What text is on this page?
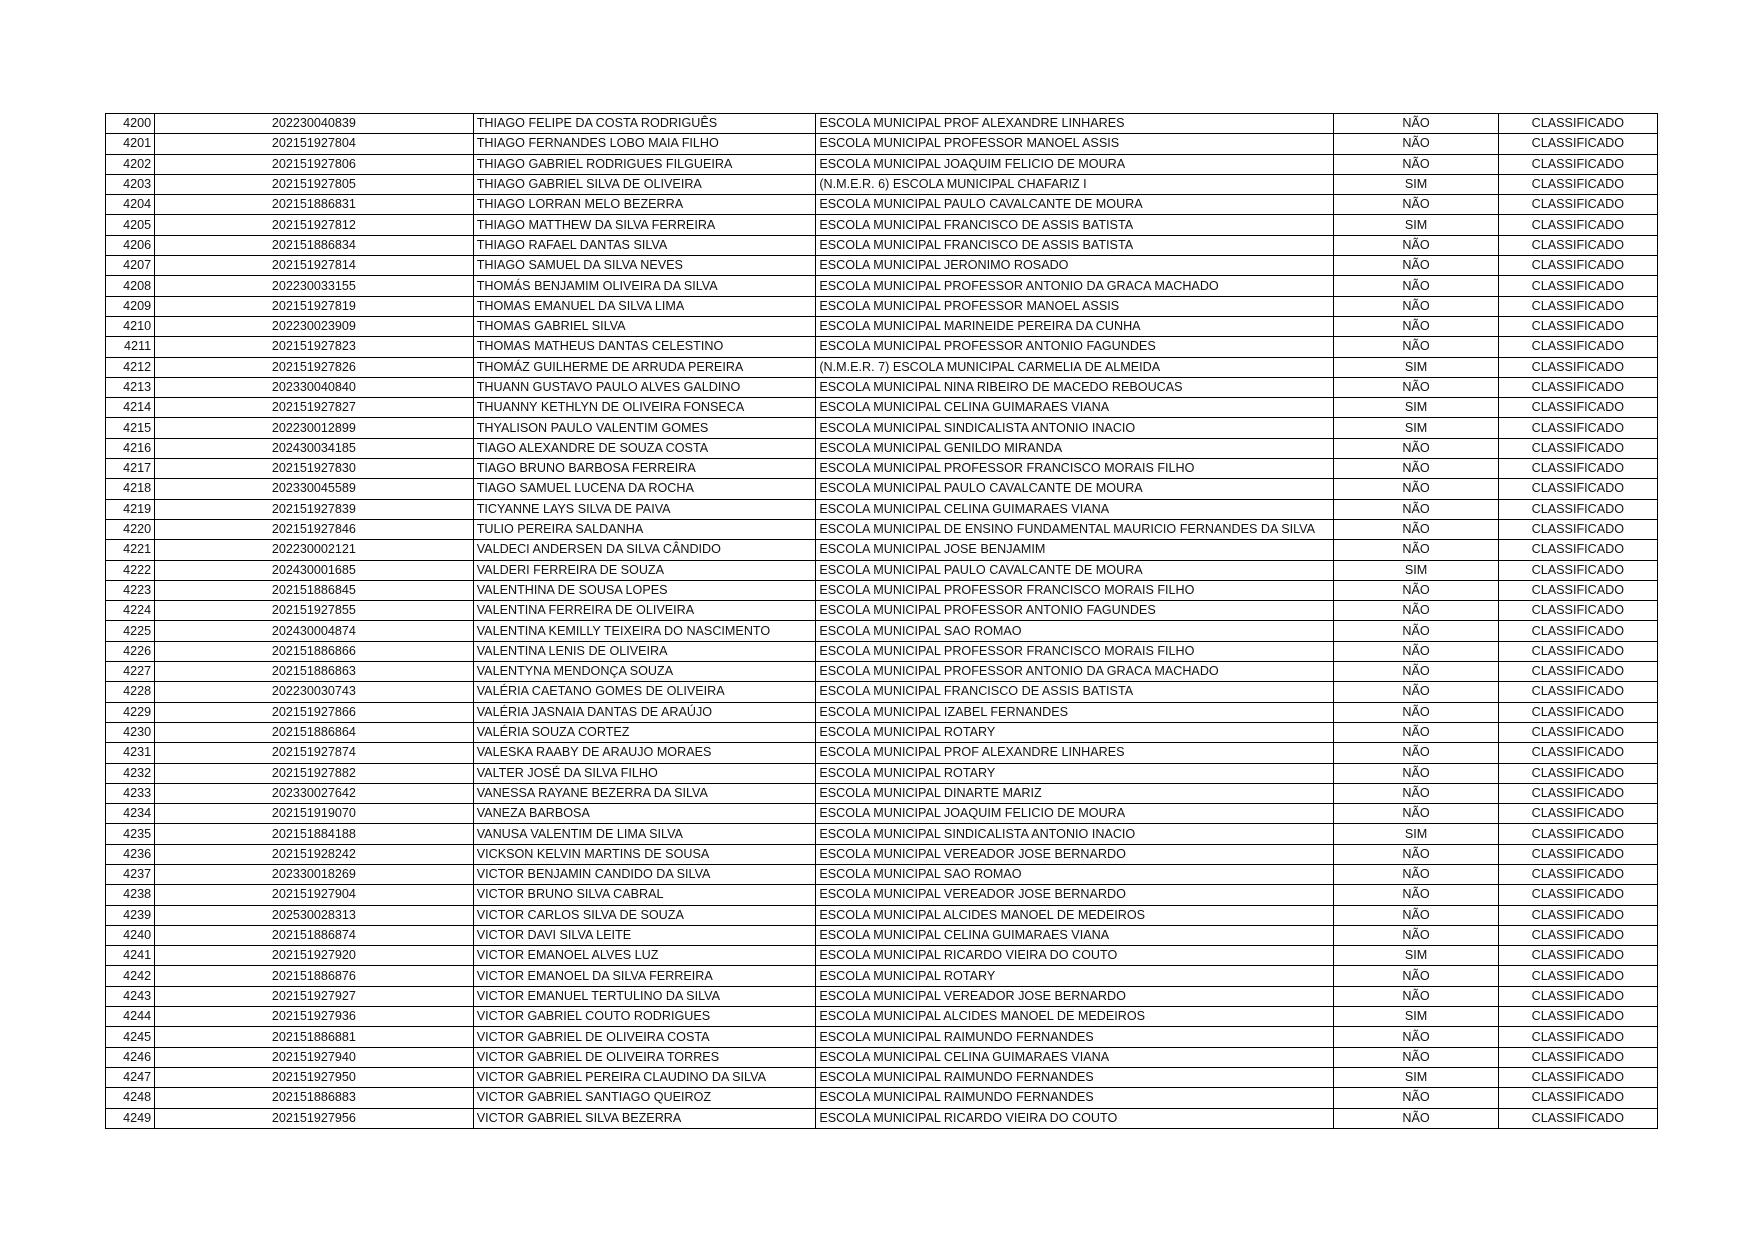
4200	202230040839	THIAGO FELIPE DA COSTA RODRIGUÊS	ESCOLA MUNICIPAL PROF ALEXANDRE LINHARES	NÃO	CLASSIFICADO
4201	202151927804	THIAGO FERNANDES LOBO MAIA FILHO	ESCOLA MUNICIPAL PROFESSOR MANOEL ASSIS	NÃO	CLASSIFICADO
4202	202151927806	THIAGO GABRIEL RODRIGUES FILGUEIRA	ESCOLA MUNICIPAL JOAQUIM FELICIO DE MOURA	NÃO	CLASSIFICADO
4203	202151927805	THIAGO GABRIEL SILVA DE OLIVEIRA	(N.M.E.R. 6) ESCOLA MUNICIPAL CHAFARIZ I	SIM	CLASSIFICADO
4204	202151886831	THIAGO LORRAN MELO BEZERRA	ESCOLA MUNICIPAL PAULO CAVALCANTE DE MOURA	NÃO	CLASSIFICADO
4205	202151927812	THIAGO MATTHEW DA SILVA FERREIRA	ESCOLA MUNICIPAL FRANCISCO DE ASSIS BATISTA	SIM	CLASSIFICADO
4206	202151886834	THIAGO RAFAEL DANTAS SILVA	ESCOLA MUNICIPAL FRANCISCO DE ASSIS BATISTA	NÃO	CLASSIFICADO
4207	202151927814	THIAGO SAMUEL DA SILVA NEVES	ESCOLA MUNICIPAL JERONIMO ROSADO	NÃO	CLASSIFICADO
4208	202230033155	THOMÁS BENJAMIM OLIVEIRA DA SILVA	ESCOLA MUNICIPAL PROFESSOR ANTONIO DA GRACA MACHADO	NÃO	CLASSIFICADO
4209	202151927819	THOMAS EMANUEL DA SILVA LIMA	ESCOLA MUNICIPAL PROFESSOR MANOEL ASSIS	NÃO	CLASSIFICADO
4210	202230023909	THOMAS GABRIEL SILVA	ESCOLA MUNICIPAL MARINEIDE PEREIRA DA CUNHA	NÃO	CLASSIFICADO
4211	202151927823	THOMAS MATHEUS DANTAS CELESTINO	ESCOLA MUNICIPAL PROFESSOR ANTONIO FAGUNDES	NÃO	CLASSIFICADO
4212	202151927826	THOMÁZ GUILHERME DE ARRUDA PEREIRA	(N.M.E.R. 7) ESCOLA MUNICIPAL CARMELIA DE ALMEIDA	SIM	CLASSIFICADO
4213	202330040840	THUANN GUSTAVO PAULO ALVES GALDINO	ESCOLA MUNICIPAL NINA RIBEIRO DE MACEDO REBOUCAS	NÃO	CLASSIFICADO
4214	202151927827	THUANNY KETHLYN DE OLIVEIRA FONSECA	ESCOLA MUNICIPAL CELINA GUIMARAES VIANA	SIM	CLASSIFICADO
4215	202230012899	THYALISON PAULO VALENTIM GOMES	ESCOLA MUNICIPAL SINDICALISTA ANTONIO INACIO	SIM	CLASSIFICADO
4216	202430034185	TIAGO ALEXANDRE DE SOUZA COSTA	ESCOLA MUNICIPAL GENILDO MIRANDA	NÃO	CLASSIFICADO
4217	202151927830	TIAGO BRUNO BARBOSA FERREIRA	ESCOLA MUNICIPAL PROFESSOR FRANCISCO MORAIS FILHO	NÃO	CLASSIFICADO
4218	202330045589	TIAGO SAMUEL LUCENA DA ROCHA	ESCOLA MUNICIPAL PAULO CAVALCANTE DE MOURA	NÃO	CLASSIFICADO
4219	202151927839	TICYANNE LAYS SILVA DE PAIVA	ESCOLA MUNICIPAL CELINA GUIMARAES VIANA	NÃO	CLASSIFICADO
4220	202151927846	TULIO PEREIRA SALDANHA	ESCOLA MUNICIPAL DE ENSINO FUNDAMENTAL MAURICIO FERNANDES DA SILVA	NÃO	CLASSIFICADO
4221	202230002121	VALDECI ANDERSEN DA SILVA CÂNDIDO	ESCOLA MUNICIPAL JOSE BENJAMIM	NÃO	CLASSIFICADO
4222	202430001685	VALDERI FERREIRA DE SOUZA	ESCOLA MUNICIPAL PAULO CAVALCANTE DE MOURA	SIM	CLASSIFICADO
4223	202151886845	VALENTHINA DE SOUSA LOPES	ESCOLA MUNICIPAL PROFESSOR FRANCISCO MORAIS FILHO	NÃO	CLASSIFICADO
4224	202151927855	VALENTINA FERREIRA DE OLIVEIRA	ESCOLA MUNICIPAL PROFESSOR ANTONIO FAGUNDES	NÃO	CLASSIFICADO
4225	202430004874	VALENTINA KEMILLY TEIXEIRA DO NASCIMENTO	ESCOLA MUNICIPAL SAO ROMAO	NÃO	CLASSIFICADO
4226	202151886866	VALENTINA LENIS DE OLIVEIRA	ESCOLA MUNICIPAL PROFESSOR FRANCISCO MORAIS FILHO	NÃO	CLASSIFICADO
4227	202151886863	VALENTYNA MENDONÇA SOUZA	ESCOLA MUNICIPAL PROFESSOR ANTONIO DA GRACA MACHADO	NÃO	CLASSIFICADO
4228	202230030743	VALÉRIA CAETANO GOMES DE OLIVEIRA	ESCOLA MUNICIPAL FRANCISCO DE ASSIS BATISTA	NÃO	CLASSIFICADO
4229	202151927866	VALÉRIA JASNAIA DANTAS DE ARAÚJO	ESCOLA MUNICIPAL IZABEL FERNANDES	NÃO	CLASSIFICADO
4230	202151886864	VALÉRIA SOUZA CORTEZ	ESCOLA MUNICIPAL ROTARY	NÃO	CLASSIFICADO
4231	202151927874	VALESKA RAABY DE ARAUJO MORAES	ESCOLA MUNICIPAL PROF ALEXANDRE LINHARES	NÃO	CLASSIFICADO
4232	202151927882	VALTER JOSÉ DA SILVA FILHO	ESCOLA MUNICIPAL ROTARY	NÃO	CLASSIFICADO
4233	202330027642	VANESSA RAYANE BEZERRA DA SILVA	ESCOLA MUNICIPAL DINARTE MARIZ	NÃO	CLASSIFICADO
4234	202151919070	VANEZA BARBOSA	ESCOLA MUNICIPAL JOAQUIM FELICIO DE MOURA	NÃO	CLASSIFICADO
4235	202151884188	VANUSA VALENTIM DE LIMA SILVA	ESCOLA MUNICIPAL SINDICALISTA ANTONIO INACIO	SIM	CLASSIFICADO
4236	202151928242	VICKSON KELVIN MARTINS DE SOUSA	ESCOLA MUNICIPAL VEREADOR JOSE BERNARDO	NÃO	CLASSIFICADO
4237	202330018269	VICTOR BENJAMIN CANDIDO DA SILVA	ESCOLA MUNICIPAL SAO ROMAO	NÃO	CLASSIFICADO
4238	202151927904	VICTOR BRUNO SILVA CABRAL	ESCOLA MUNICIPAL VEREADOR JOSE BERNARDO	NÃO	CLASSIFICADO
4239	202530028313	VICTOR CARLOS SILVA DE SOUZA	ESCOLA MUNICIPAL ALCIDES MANOEL DE MEDEIROS	NÃO	CLASSIFICADO
4240	202151886874	VICTOR DAVI SILVA LEITE	ESCOLA MUNICIPAL CELINA GUIMARAES VIANA	NÃO	CLASSIFICADO
4241	202151927920	VICTOR EMANOEL ALVES LUZ	ESCOLA MUNICIPAL RICARDO VIEIRA DO COUTO	SIM	CLASSIFICADO
4242	202151886876	VICTOR EMANOEL DA SILVA FERREIRA	ESCOLA MUNICIPAL ROTARY	NÃO	CLASSIFICADO
4243	202151927927	VICTOR EMANUEL TERTULINO DA SILVA	ESCOLA MUNICIPAL VEREADOR JOSE BERNARDO	NÃO	CLASSIFICADO
4244	202151927936	VICTOR GABRIEL COUTO RODRIGUES	ESCOLA MUNICIPAL ALCIDES MANOEL DE MEDEIROS	SIM	CLASSIFICADO
4245	202151886881	VICTOR GABRIEL DE OLIVEIRA COSTA	ESCOLA MUNICIPAL RAIMUNDO FERNANDES	NÃO	CLASSIFICADO
4246	202151927940	VICTOR GABRIEL DE OLIVEIRA TORRES	ESCOLA MUNICIPAL CELINA GUIMARAES VIANA	NÃO	CLASSIFICADO
4247	202151927950	VICTOR GABRIEL PEREIRA CLAUDINO DA SILVA	ESCOLA MUNICIPAL RAIMUNDO FERNANDES	SIM	CLASSIFICADO
4248	202151886883	VICTOR GABRIEL SANTIAGO QUEIROZ	ESCOLA MUNICIPAL RAIMUNDO FERNANDES	NÃO	CLASSIFICADO
4249	202151927956	VICTOR GABRIEL SILVA BEZERRA	ESCOLA MUNICIPAL RICARDO VIEIRA DO COUTO	NÃO	CLASSIFICADO
